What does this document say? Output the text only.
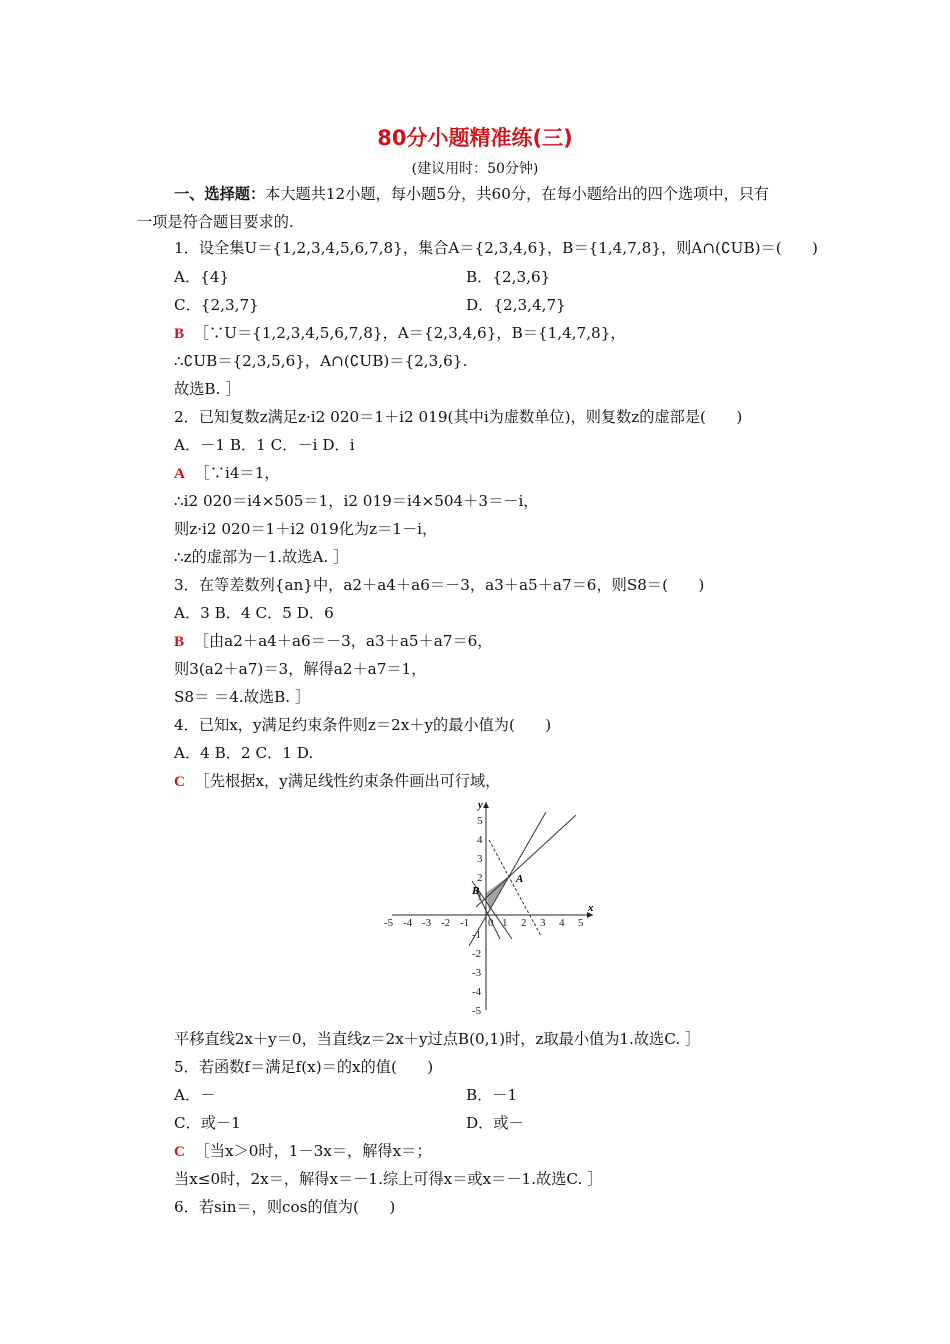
80分小题精准练(三)
(建议用时：50分钟)
一、选择题：本大题共12小题，每小题5分，共60分，在每小题给出的四个选项中，只有
一项是符合题目要求的.
1．设全集U＝{1,2,3,4,5,6,7,8}，集合A＝{2,3,4,6}，B＝{1,4,7,8}，则A∩(∁UB)＝(　　)
A．{4}	B．{2,3,6}
C．{2,3,7}	D．{2,3,4,7}
B ［∵U＝{1,2,3,4,5,6,7,8}，A＝{2,3,4,6}，B＝{1,4,7,8}，
∴∁UB＝{2,3,5,6}，A∩(∁UB)＝{2,3,6}.
故选B. ］
2．已知复数z满足z·i2 020＝1＋i2 019(其中i为虚数单位)，则复数z的虚部是(　　)
A．－1 B．1 C．－i D．i
A ［∵i4＝1，
∴i2 020＝i4×505＝1，i2 019＝i4×504＋3＝－i，
则z·i2 020＝1＋i2 019化为z＝1－i，
∴z的虚部为－1.故选A. ］
3．在等差数列{an}中，a2＋a4＋a6＝－3，a3＋a5＋a7＝6，则S8＝(　　)
A．3 B．4 C．5 D．6
B ［由a2＋a4＋a6＝－3，a3＋a5＋a7＝6，
则3(a2＋a7)＝3，解得a2＋a7＝1，
S8＝ ＝4.故选B. ］
4．已知x，y满足约束条件则z＝2x＋y的最小值为(　　)
A．4 B．2 C．1 D.
C ［先根据x，y满足线性约束条件画出可行域，
平移直线2x＋y＝0，当直线z＝2x＋y过点B(0,1)时，z取最小值为1.故选C. ］
5．若函数f＝满足f(x)＝的x的值(　　)
A．－	B．－1
C．或－1	D．或－
C ［当x＞0时，1－3x＝，解得x＝；
当x≤0时，2x＝，解得x＝－1.综上可得x＝或x＝－1.故选C. ］
6．若sin＝，则cos的值为(　　)
-5 -4 -3 -2 -1 0 1 2 3 4 5
5
4
3
2
1
-1
-2
-3
-4
-5
x
y
A
B
